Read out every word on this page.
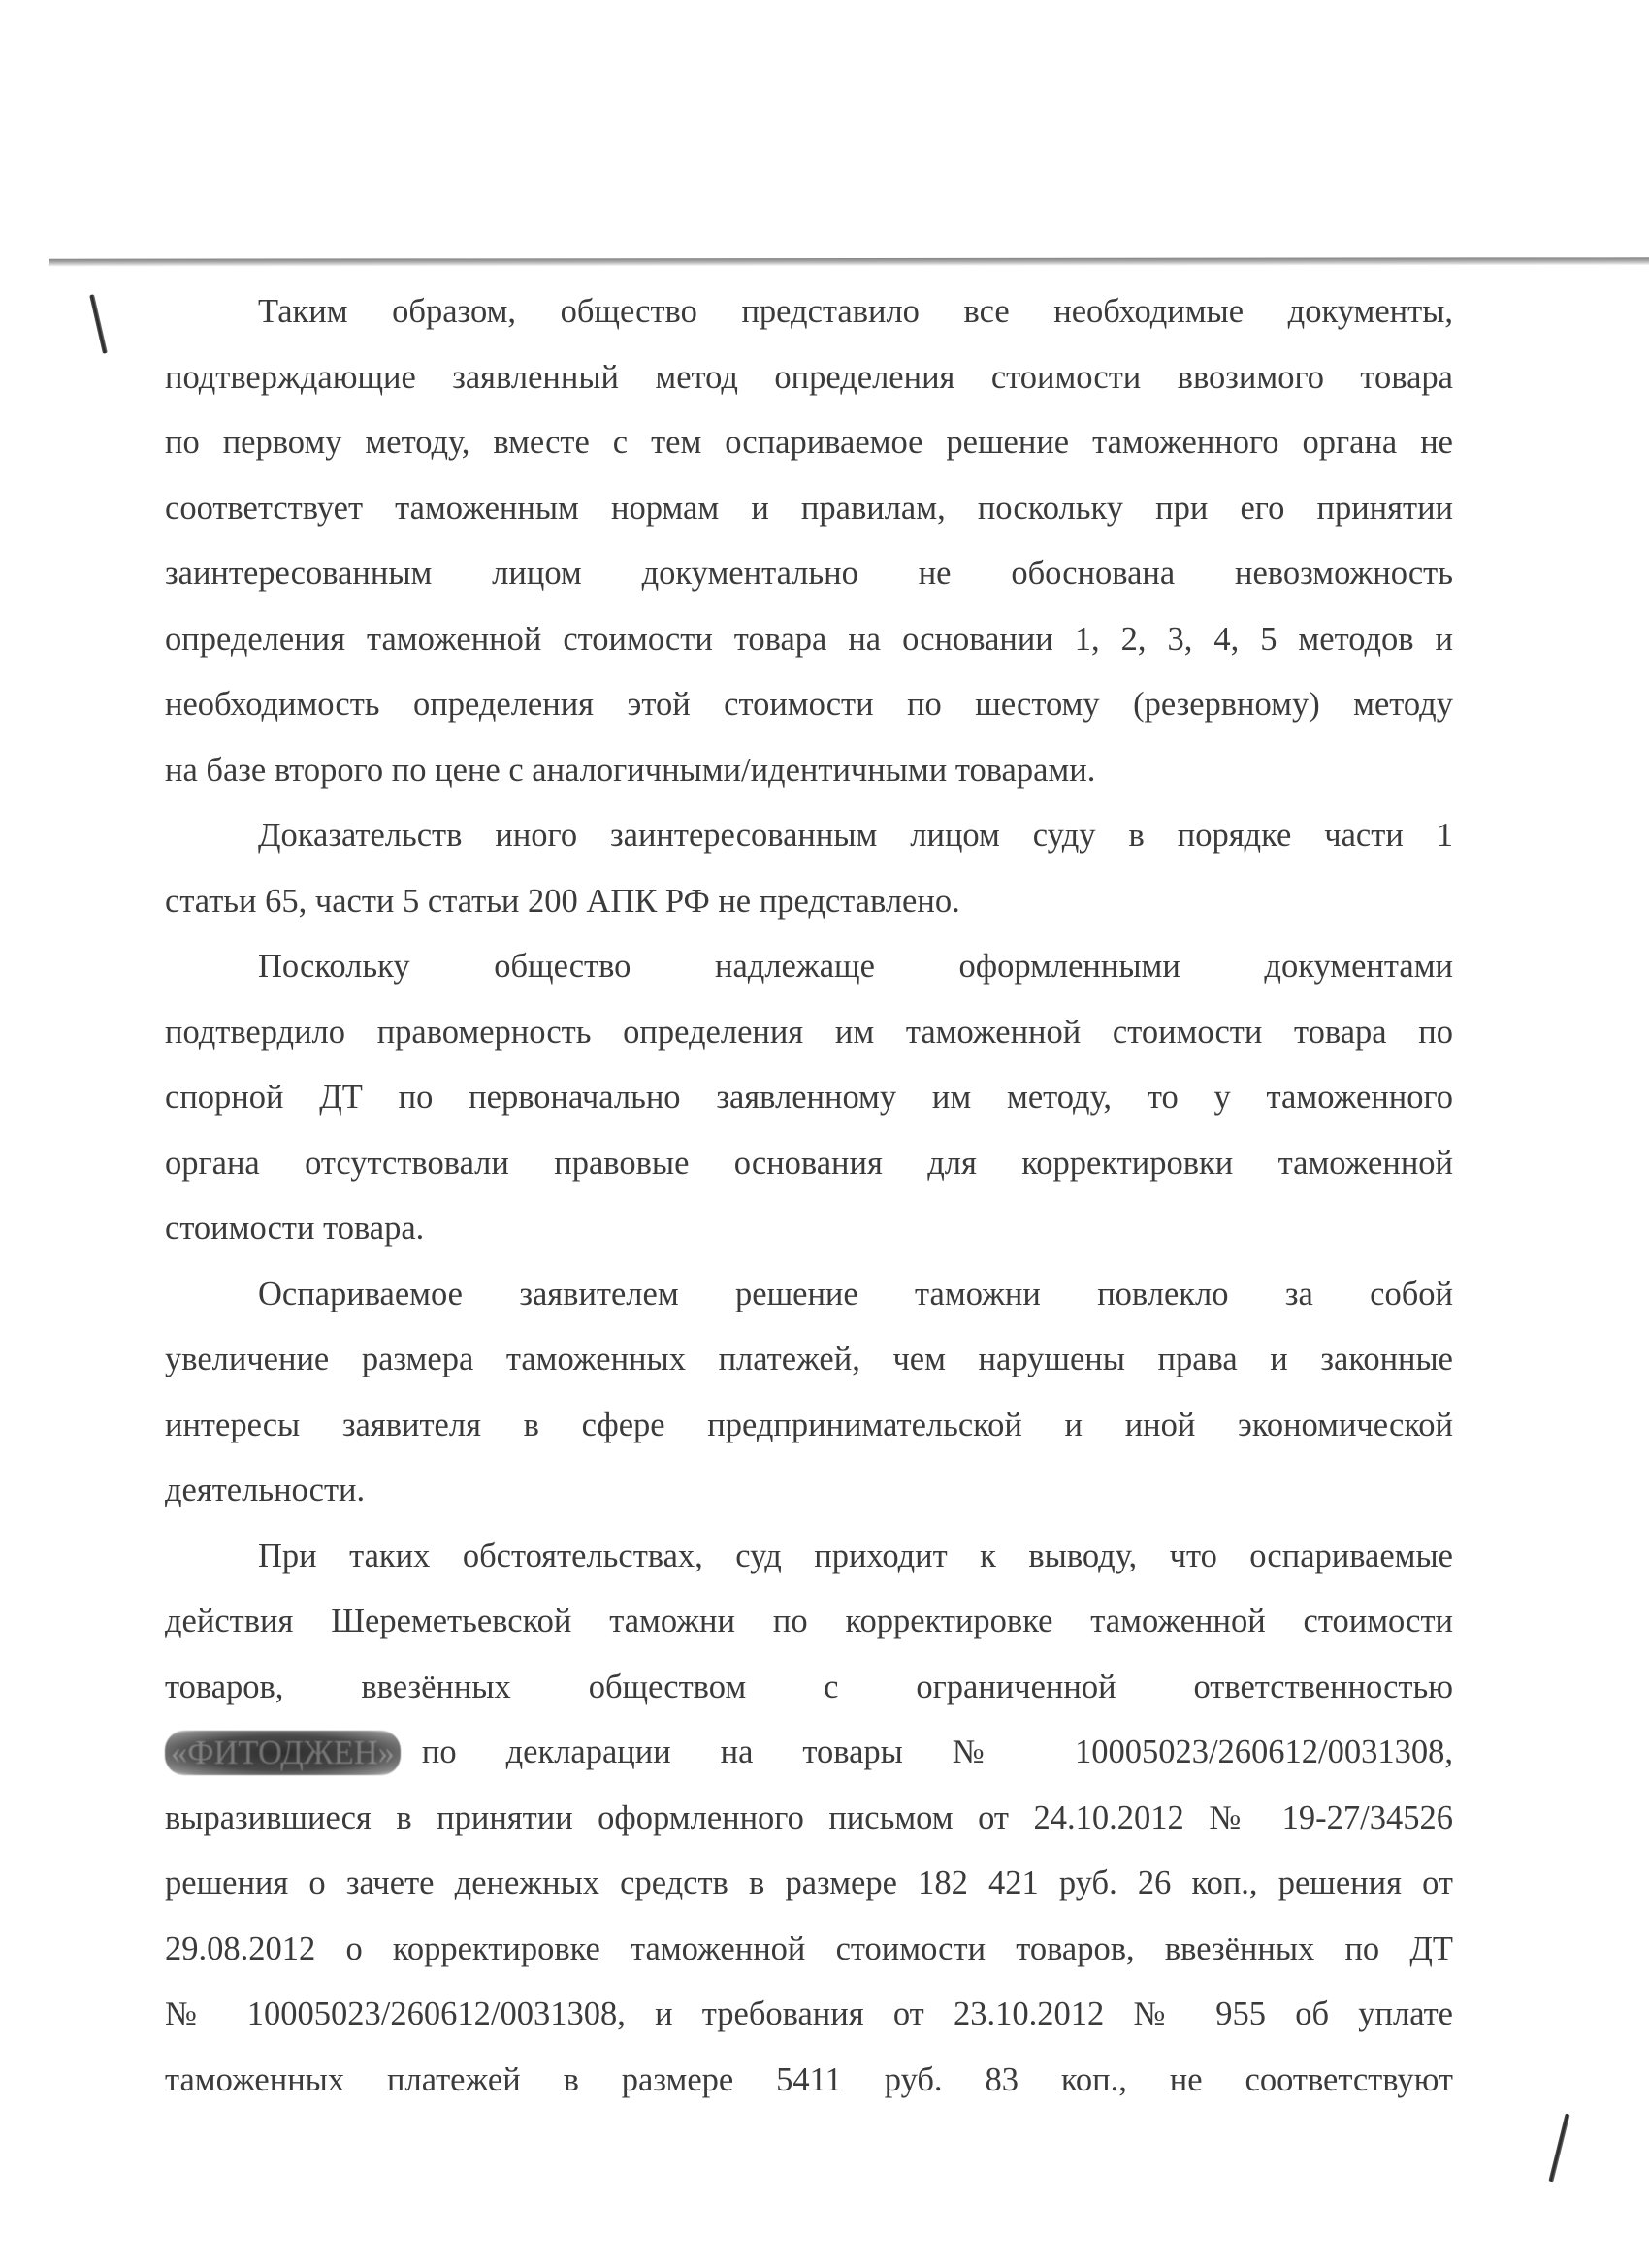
Таким образом, общество представило все необходимые документы,
подтверждающие заявленный метод определения стоимости ввозимого товара
по первому методу, вместе с тем оспариваемое решение таможенного органа не
соответствует таможенным нормам и правилам, поскольку при его принятии
заинтересованным лицом документально не обоснована невозможность
определения таможенной стоимости товара на основании 1, 2, 3, 4, 5 методов и
необходимость определения этой стоимости по шестому (резервному) методу
на базе второго по цене с аналогичными/идентичными товарами.
Доказательств иного заинтересованным лицом суду в порядке части 1
статьи 65, части 5 статьи 200 АПК РФ не представлено.
Поскольку общество надлежаще оформленными документами
подтвердило правомерность определения им таможенной стоимости товара по
спорной ДТ по первоначально заявленному им методу, то у таможенного
органа отсутствовали правовые основания для корректировки таможенной
стоимости товара.
Оспариваемое заявителем решение таможни повлекло за собой
увеличение размера таможенных платежей, чем нарушены права и законные
интересы заявителя в сфере предпринимательской и иной экономической
деятельности.
При таких обстоятельствах, суд приходит к выводу, что оспариваемые
действия Шереметьевской таможни по корректировке таможенной стоимости
товаров, ввезённых обществом с ограниченной ответственностью
«ФИТОДЖЕН» по декларации на товары № 10005023/260612/0031308,
выразившиеся в принятии оформленного письмом от 24.10.2012 № 19-27/34526
решения о зачете денежных средств в размере 182 421 руб. 26 коп., решения от
29.08.2012 о корректировке таможенной стоимости товаров, ввезённых по ДТ
№ 10005023/260612/0031308, и требования от 23.10.2012 № 955 об уплате
таможенных платежей в размере 5411 руб. 83 коп., не соответствуют
